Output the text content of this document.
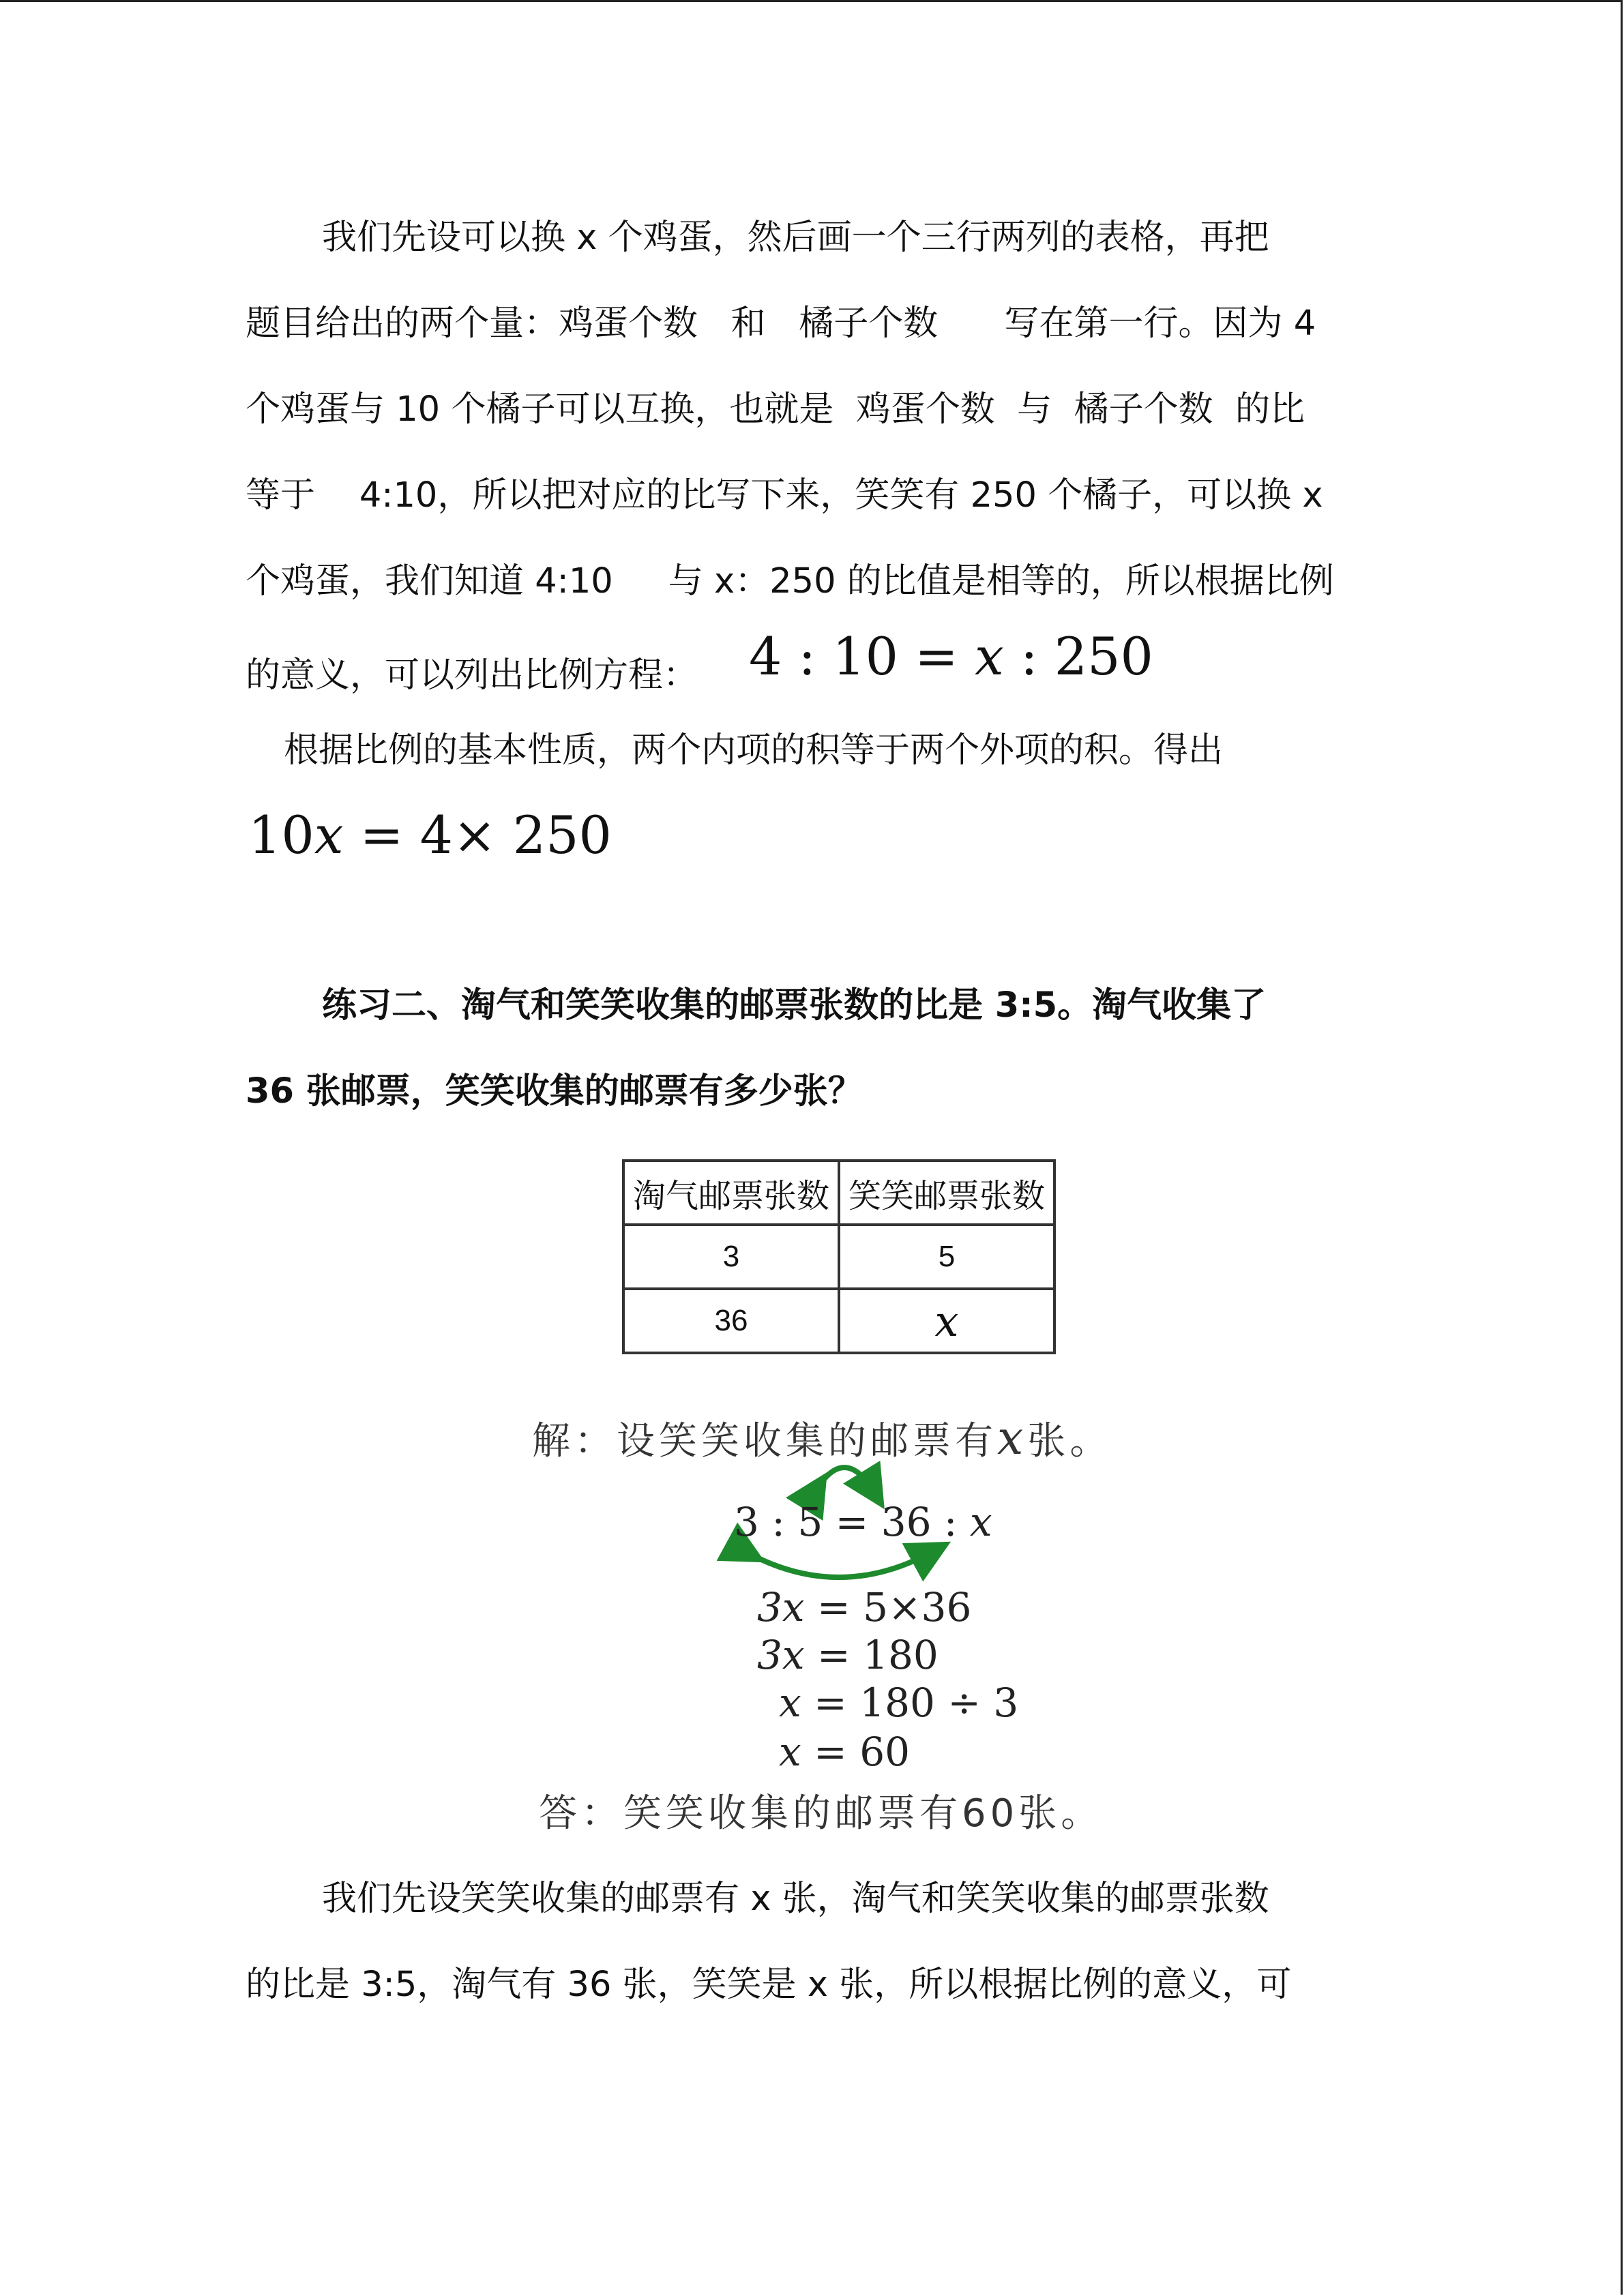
我们先设可以换 x 个鸡蛋，然后画一个三行两列的表格，再把
题目给出的两个量：鸡蛋个数   和   橘子个数      写在第一行。因为 4
个鸡蛋与 10 个橘子可以互换，也就是  鸡蛋个数  与  橘子个数  的比
等于    4:10，所以把对应的比写下来，笑笑有 250 个橘子，可以换 x
个鸡蛋，我们知道 4:10     与 x：250 的比值是相等的，所以根据比例
的意义，可以列出比例方程： 4 : 10 = x : 250
根据比例的基本性质，两个内项的积等于两个外项的积。得出
10x = 4× 250
练习二、淘气和笑笑收集的邮票张数的比是 3:5。淘气收集了
36 张邮票，笑笑收集的邮票有多少张？
淘气邮票张数	笑笑邮票张数
3	5
36	x
解：设笑笑收集的邮票有x张。
3 : 5 = 36 : x
3x = 5×36
3x = 180
x = 180 ÷ 3
x = 60
答：笑笑收集的邮票有60张。
我们先设笑笑收集的邮票有 x 张，淘气和笑笑收集的邮票张数
的比是 3:5，淘气有 36 张，笑笑是 x 张，所以根据比例的意义，可
